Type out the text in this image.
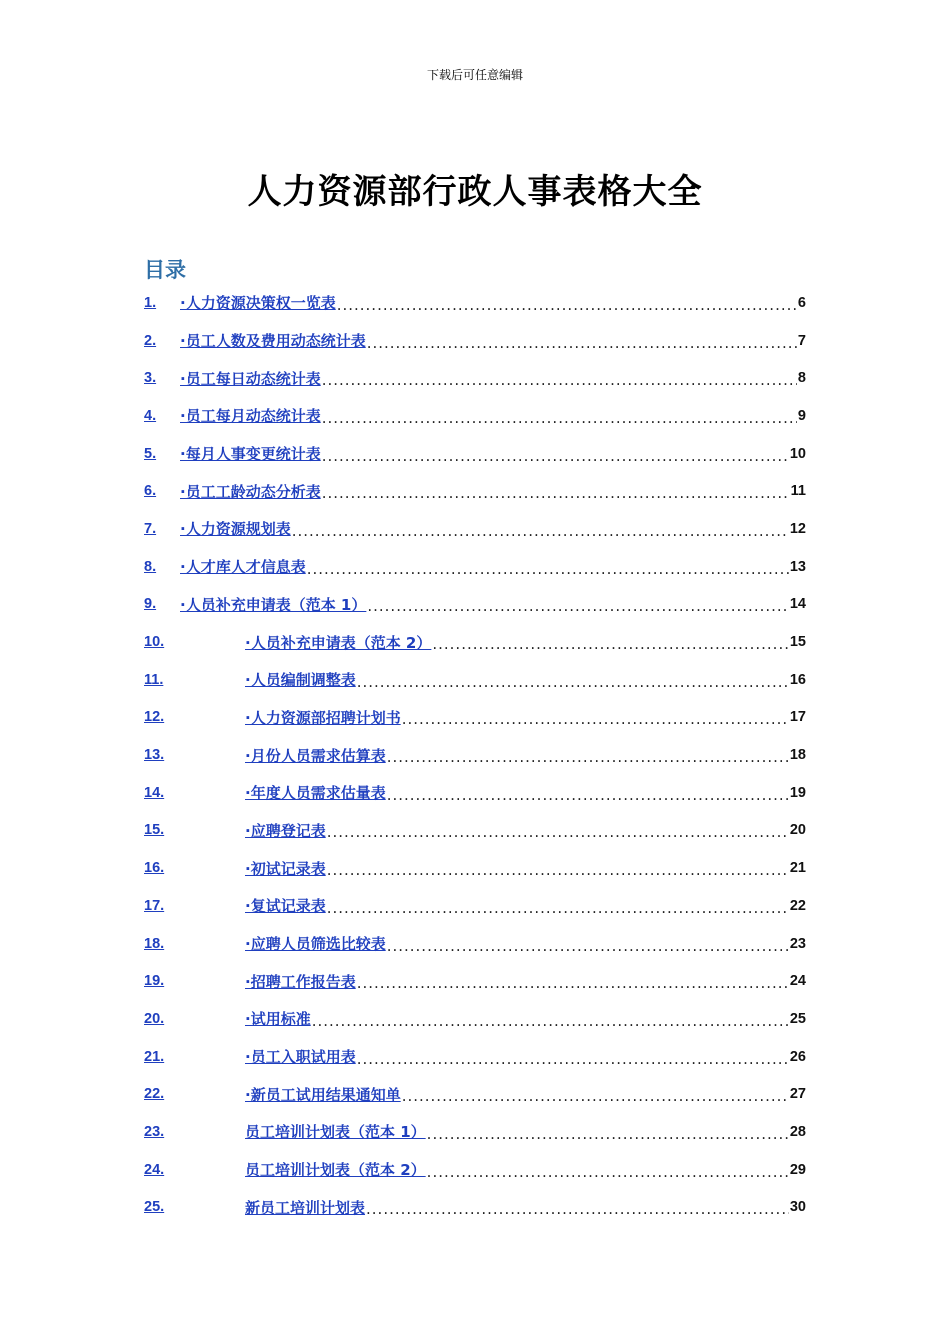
下载后可任意编辑
人力资源部行政人事表格大全
目录
1.	·人力资源决策权一览表 .....	6
2.	·员工人数及费用动态统计表 .....	7
3.	·员工每日动态统计表 .....	8
4.	·员工每月动态统计表 .....	9
5.	·每月人事变更统计表 .....	10
6.	·员工工龄动态分析表 .....	11
7.	·人力资源规划表 .....	12
8.	·人才库人才信息表 .....	13
9.	·人员补充申请表（范本 1） .....	14
10.	·人员补充申请表（范本 2） .....	15
11.	·人员编制调整表 .....	16
12.	·人力资源部招聘计划书 .....	17
13.	·月份人员需求估算表 .....	18
14.	·年度人员需求估量表 .....	19
15.	·应聘登记表 .....	20
16.	·初试记录表 .....	21
17.	·复试记录表 .....	22
18.	·应聘人员筛选比较表 .....	23
19.	·招聘工作报告表 .....	24
20.	·试用标准 .....	25
21.	·员工入职试用表 .....	26
22.	·新员工试用结果通知单 .....	27
23.	员工培训计划表（范本 1） .....	28
24.	员工培训计划表（范本 2） .....	29
25.	新员工培训计划表 .....	30
